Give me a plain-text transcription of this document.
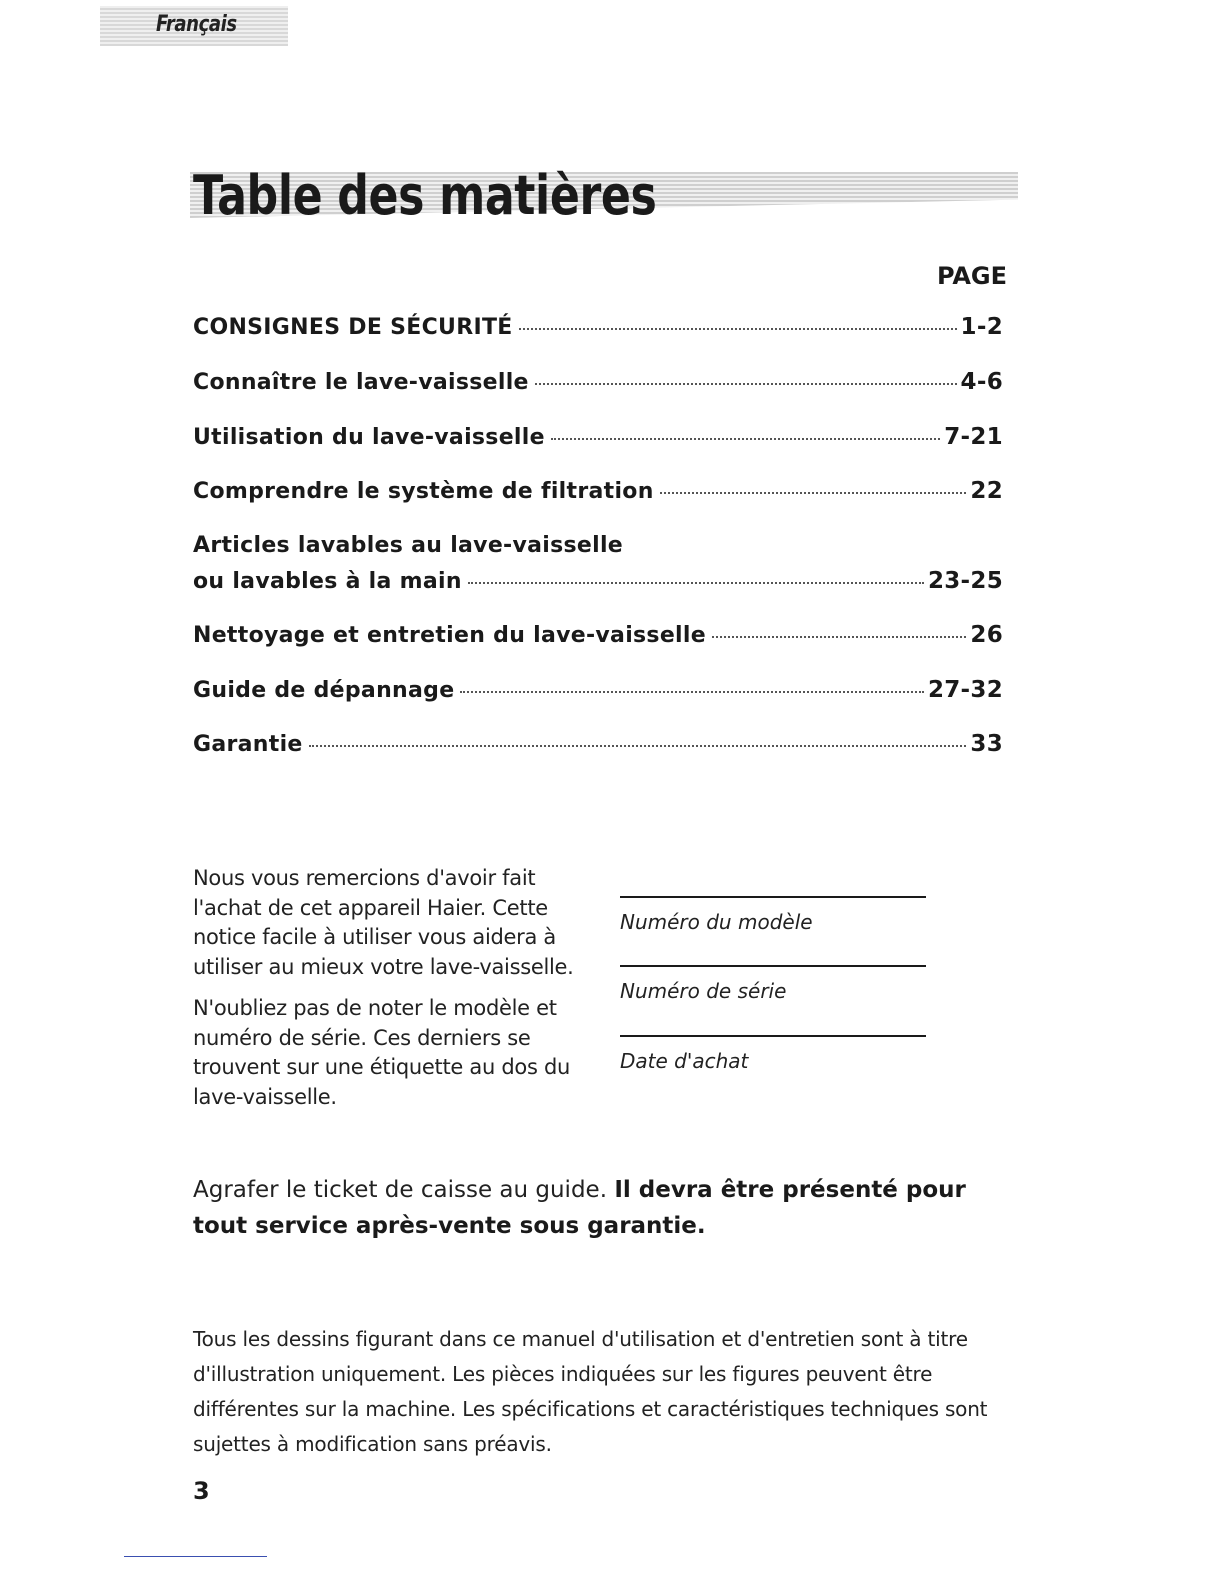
Français
Table des matières
PAGE
CONSIGNES DE SÉCURITÉ	1-2
Connaître le lave-vaisselle	4-6
Utilisation du lave-vaisselle	7-21
Comprendre le système de filtration	22
Articles lavables au lave-vaisselle
ou lavables à la main	23-25
Nettoyage et entretien du lave-vaisselle	26
Guide de dépannage	27-32
Garantie	33

Nous vous remercions d'avoir fait l'achat de cet appareil Haier. Cette notice facile à utiliser vous aidera à utiliser au mieux votre lave-vaisselle.

N'oubliez pas de noter le modèle et numéro de série. Ces derniers se trouvent sur une étiquette au dos du lave-vaisselle.

Numéro du modèle
Numéro de série
Date d'achat
Agrafer le ticket de caisse au guide. Il devra être présenté pour tout service après-vente sous garantie.
Tous les dessins figurant dans ce manuel d'utilisation et d'entretien sont à titre d'illustration uniquement. Les pièces indiquées sur les figures peuvent être différentes sur la machine. Les spécifications et caractéristiques techniques sont sujettes à modification sans préavis.
3
